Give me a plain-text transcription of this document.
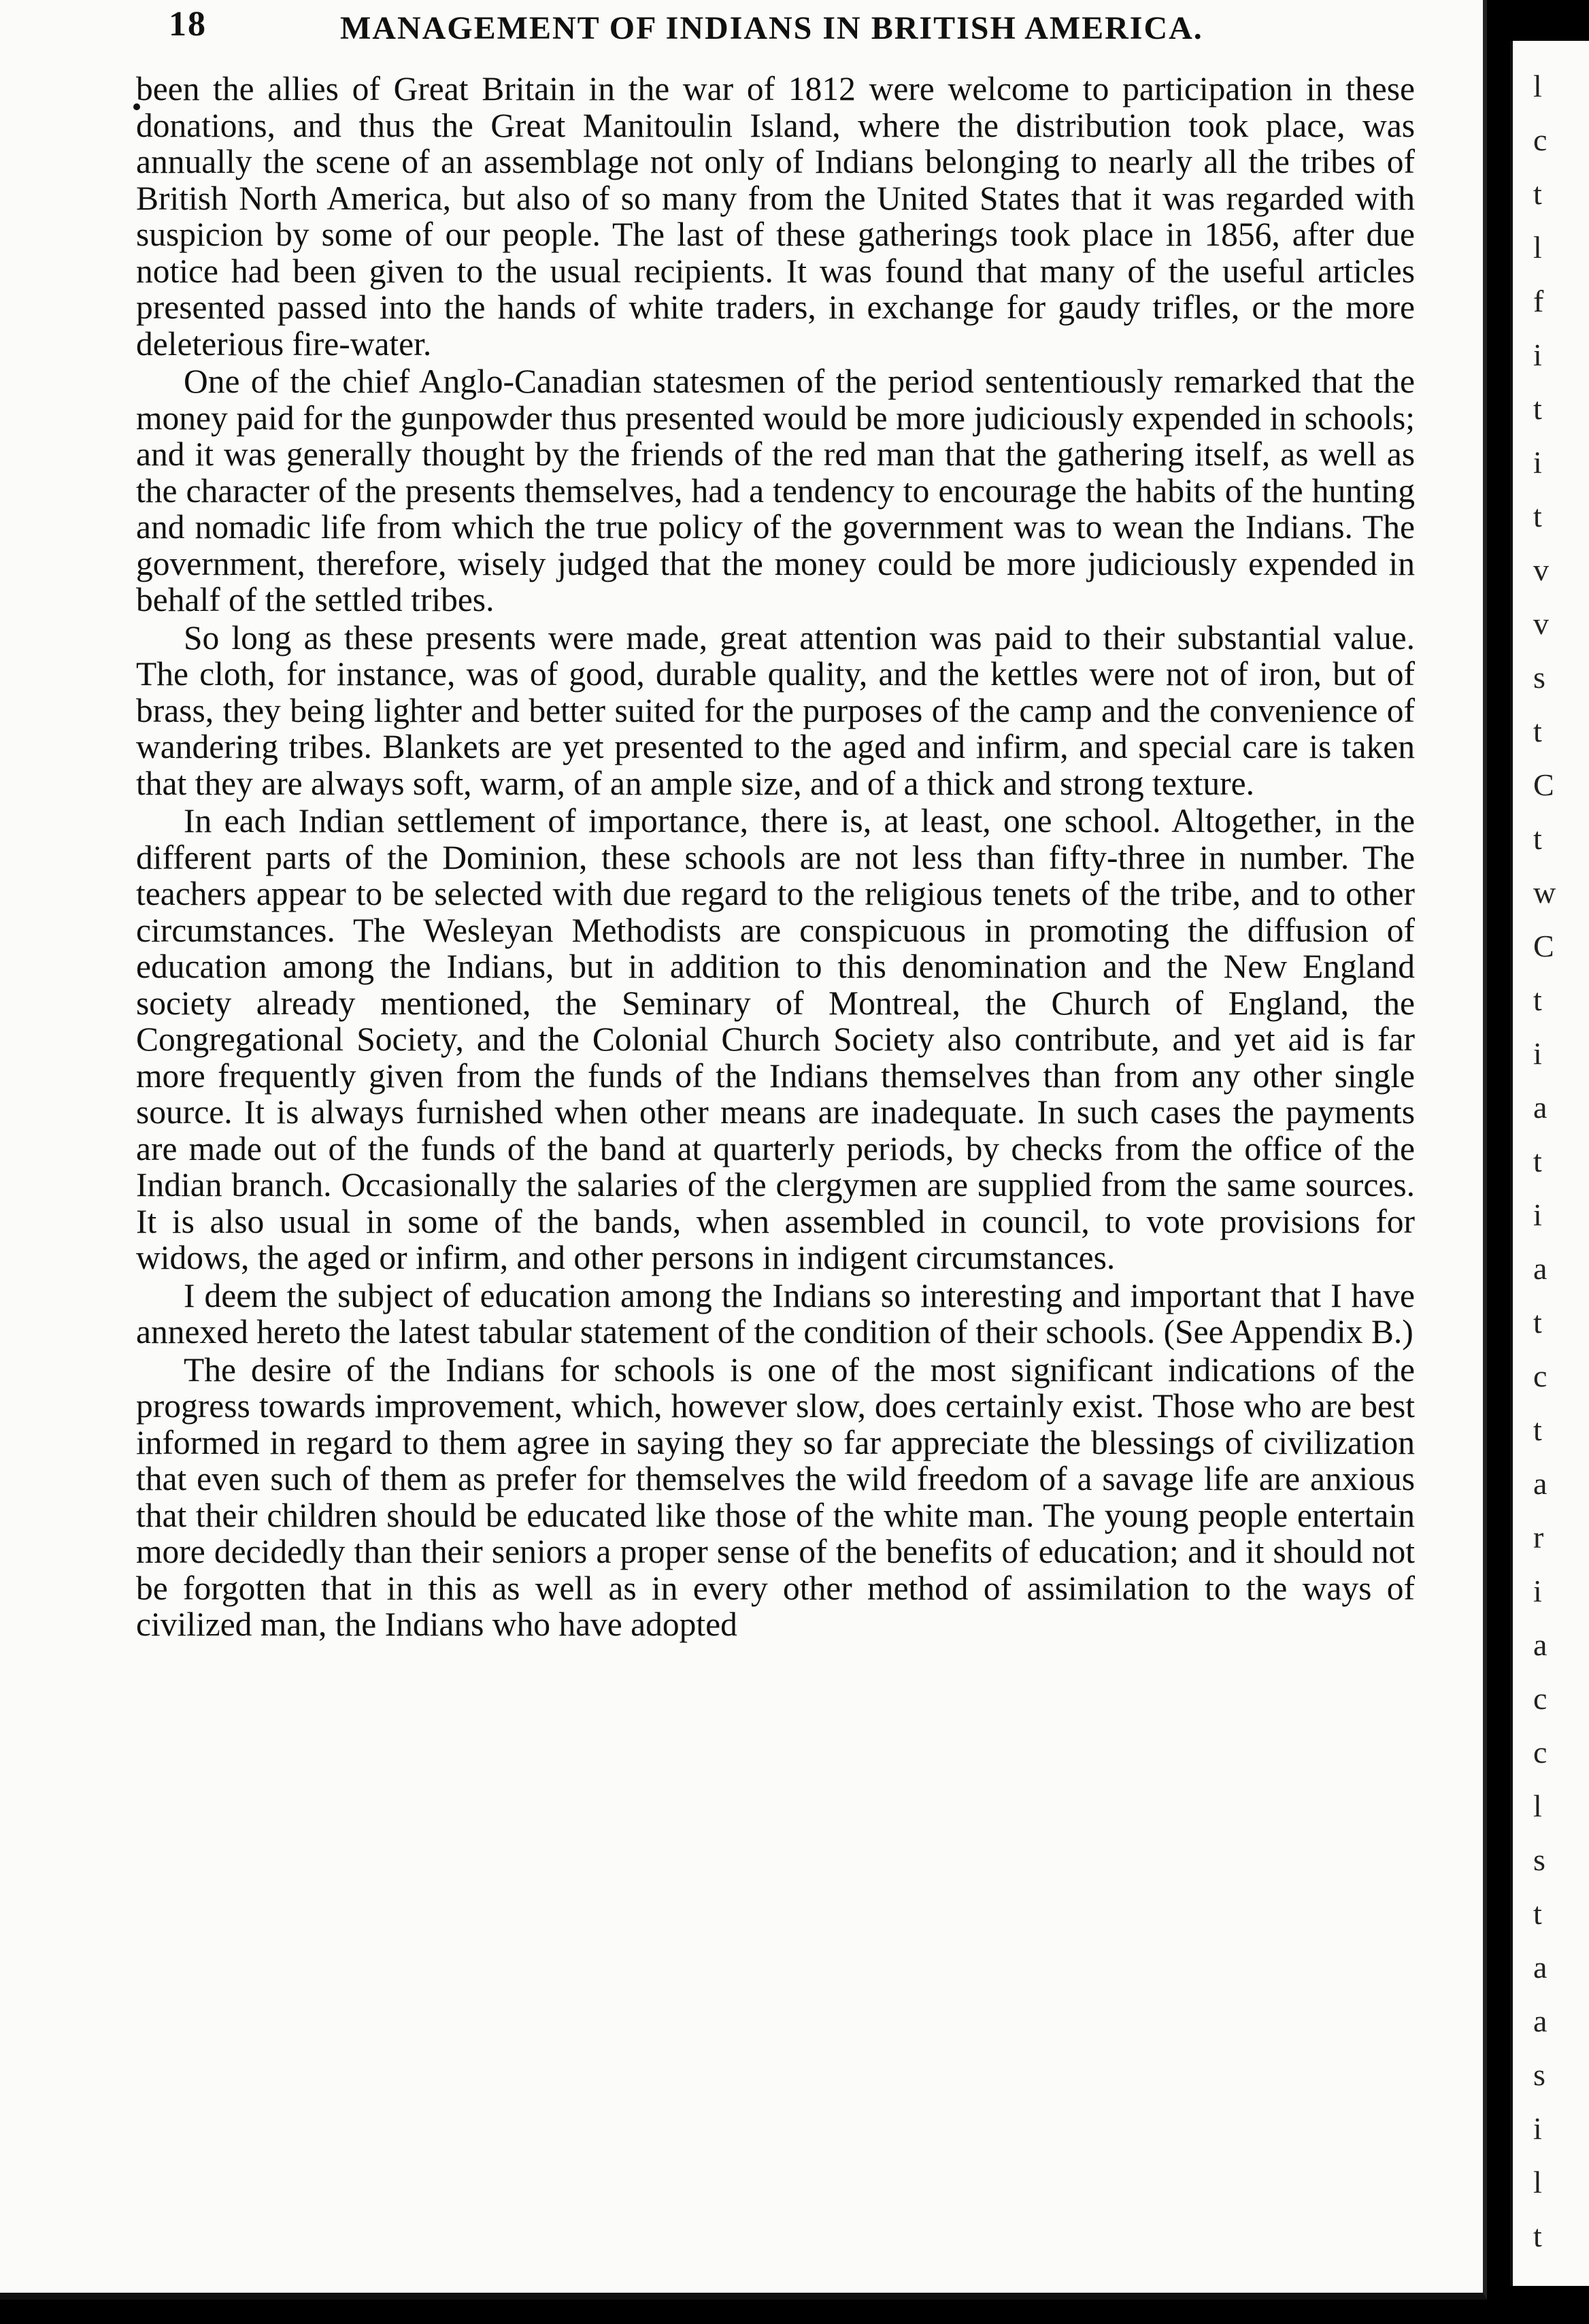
18	MANAGEMENT OF INDIANS IN BRITISH AMERICA.

been the allies of Great Britain in the war of 1812 were welcome to participation in these donations, and thus the Great Manitoulin Island, where the distribution took place, was annually the scene of an assemblage not only of Indians belonging to nearly all the tribes of British North America, but also of so many from the United States that it was regarded with suspicion by some of our people. The last of these gatherings took place in 1856, after due notice had been given to the usual recipients. It was found that many of the useful articles presented passed into the hands of white traders, in exchange for gaudy trifles, or the more deleterious fire-water.

One of the chief Anglo-Canadian statesmen of the period sententiously remarked that the money paid for the gunpowder thus presented would be more judiciously expended in schools; and it was generally thought by the friends of the red man that the gathering itself, as well as the character of the presents themselves, had a tendency to encourage the habits of the hunting and nomadic life from which the true policy of the government was to wean the Indians. The government, therefore, wisely judged that the money could be more judiciously expended in behalf of the settled tribes.

So long as these presents were made, great attention was paid to their substantial value. The cloth, for instance, was of good, durable quality, and the kettles were not of iron, but of brass, they being lighter and better suited for the purposes of the camp and the convenience of wandering tribes. Blankets are yet presented to the aged and infirm, and special care is taken that they are always soft, warm, of an ample size, and of a thick and strong texture.

In each Indian settlement of importance, there is, at least, one school. Altogether, in the different parts of the Dominion, these schools are not less than fifty-three in number. The teachers appear to be selected with due regard to the religious tenets of the tribe, and to other circumstances. The Wesleyan Methodists are conspicuous in promoting the diffusion of education among the Indians, but in addition to this denomination and the New England society already mentioned, the Seminary of Montreal, the Church of England, the Congregational Society, and the Colonial Church Society also contribute, and yet aid is far more frequently given from the funds of the Indians themselves than from any other single source. It is always furnished when other means are inadequate. In such cases the payments are made out of the funds of the band at quarterly periods, by checks from the office of the Indian branch. Occasionally the salaries of the clergymen are supplied from the same sources. It is also usual in some of the bands, when assembled in council, to vote provisions for widows, the aged or infirm, and other persons in indigent circumstances.

I deem the subject of education among the Indians so interesting and important that I have annexed hereto the latest tabular statement of the condition of their schools. (See Appendix B.)

The desire of the Indians for schools is one of the most significant indications of the progress towards improvement, which, however slow, does certainly exist. Those who are best informed in regard to them agree in saying they so far appreciate the blessings of civilization that even such of them as prefer for themselves the wild freedom of a savage life are anxious that their children should be educated like those of the white man. The young people entertain more decidedly than their seniors a proper sense of the benefits of education; and it should not be forgotten that in this as well as in every other method of assimilation to the ways of civilized man, the Indians who have adopted

l
c
t
l
f
i
t
i
t
v
v
s
t
C
t
w
C
t
i
a
t
i
a
t
c
t
a
r
i
a
c
c
l
s
t
a
a
s
i
l
t
